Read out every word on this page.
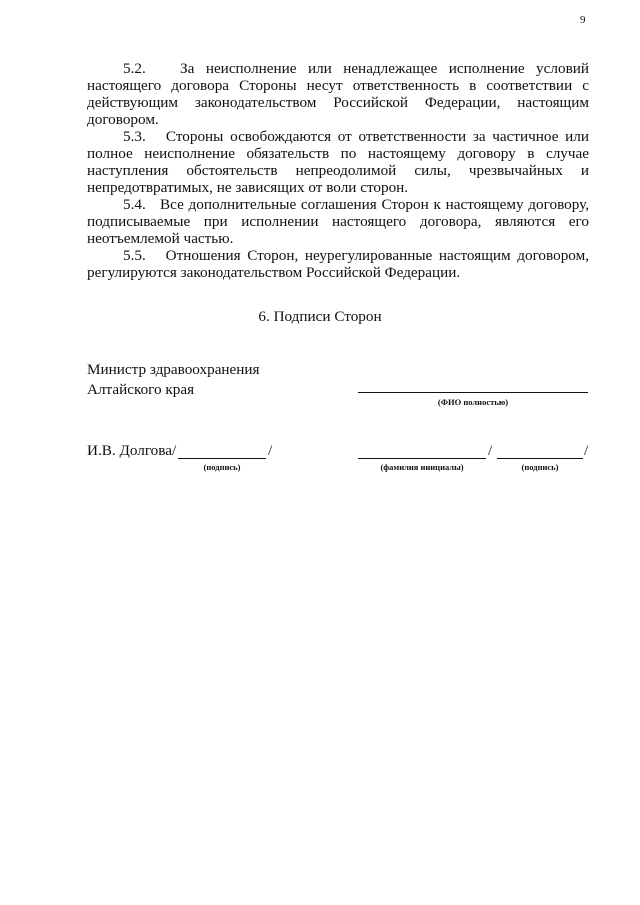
9

5.2. За неисполнение или ненадлежащее исполнение условий настоящего договора Стороны несут ответственность в соответствии с действующим законодательством Российской Федерации, настоящим договором.

5.3. Стороны освобождаются от ответственности за частичное или полное неисполнение обязательств по настоящему договору в случае наступления обстоятельств непреодолимой силы, чрезвычайных и непредотвратимых, не зависящих от воли сторон.

5.4. Все дополнительные соглашения Сторон к настоящему договору, подписываемые при исполнении настоящего договора, являются его неотъемлемой частью.

5.5. Отношения Сторон, неурегулированные настоящим договором, регулируются законодательством Российской Федерации.

6. Подписи Сторон
Министр здравоохранения
Алтайского края
(ФИО полностью)
И.В. Долгова/	/
(подпись)
/	/
(фамилия инициалы)	(подпись)
